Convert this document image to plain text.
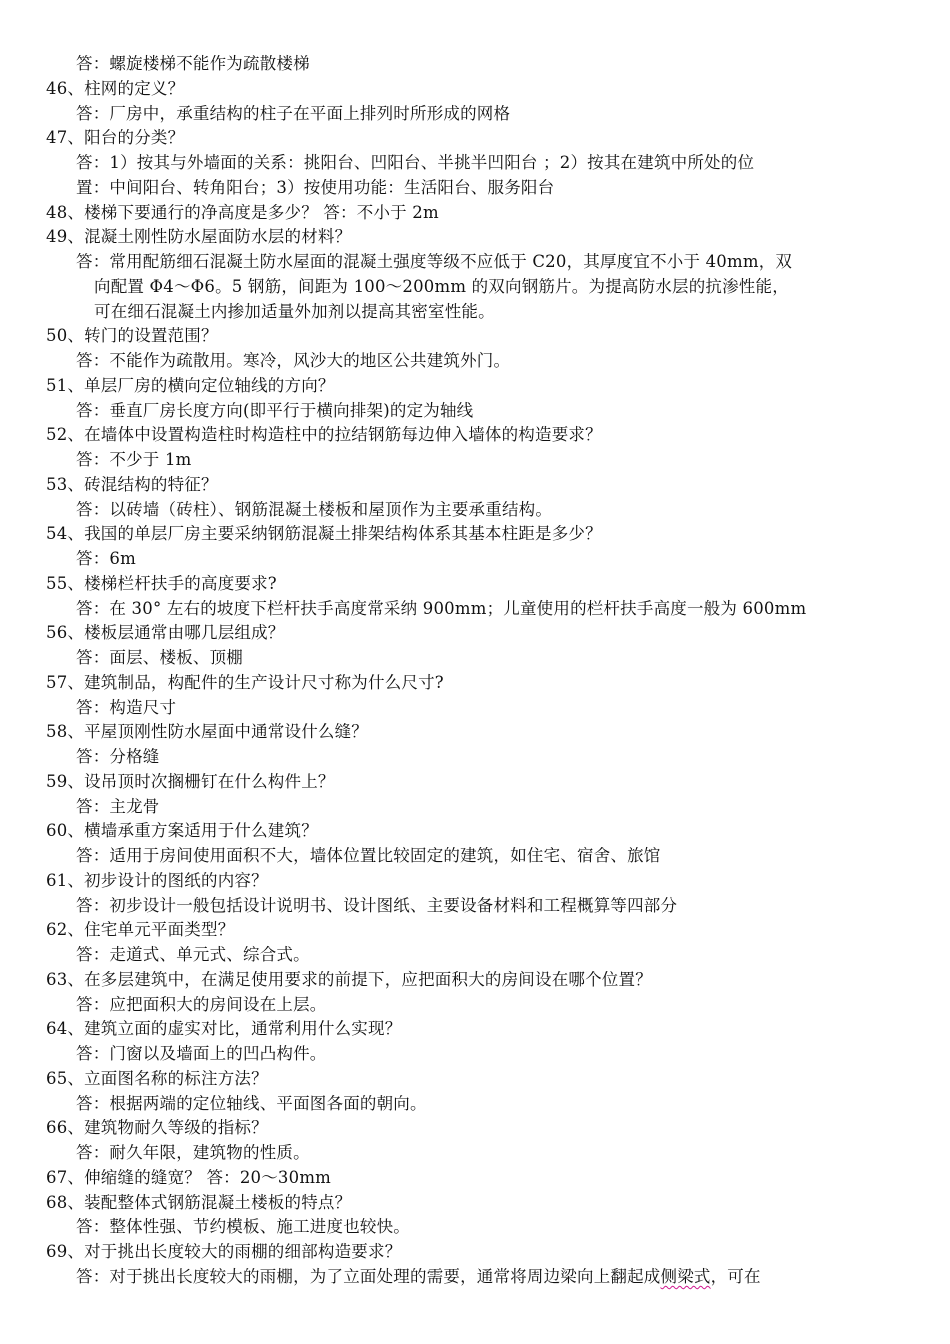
答：螺旋楼梯不能作为疏散楼梯
46、柱网的定义？
答：厂房中，承重结构的柱子在平面上排列时所形成的网格
47、阳台的分类？
答：1）按其与外墙面的关系：挑阳台、凹阳台、半挑半凹阳台 ；2）按其在建筑中所处的位
置：中间阳台、转角阳台；3）按使用功能：生活阳台、服务阳台
48、楼梯下要通行的净高度是多少？ 答：不小于 2m
49、混凝土刚性防水屋面防水层的材料？
答：常用配筋细石混凝土防水屋面的混凝土强度等级不应低于 C20，其厚度宜不小于 40mm，双
向配置 Φ4～Φ6。5 钢筋，间距为 100～200mm 的双向钢筋片。为提高防水层的抗渗性能，
可在细石混凝土内掺加适量外加剂以提高其密室性能。
50、转门的设置范围？
答：不能作为疏散用。寒冷，风沙大的地区公共建筑外门。
51、单层厂房的横向定位轴线的方向？
答：垂直厂房长度方向(即平行于横向排架)的定为轴线
52、在墙体中设置构造柱时构造柱中的拉结钢筋每边伸入墙体的构造要求？
答：不少于 1m
53、砖混结构的特征？
答：以砖墙（砖柱）、钢筋混凝土楼板和屋顶作为主要承重结构。
54、我国的单层厂房主要采纳钢筋混凝土排架结构体系其基本柱距是多少？
答：6m
55、楼梯栏杆扶手的高度要求?
答：在 30° 左右的坡度下栏杆扶手高度常采纳 900mm；儿童使用的栏杆扶手高度一般为 600mm
56、楼板层通常由哪几层组成？
答：面层、楼板、顶棚
57、建筑制品，构配件的生产设计尺寸称为什么尺寸?
答：构造尺寸
58、平屋顶刚性防水屋面中通常设什么缝？
答：分格缝
59、设吊顶时次搁栅钉在什么构件上？
答：主龙骨
60、横墙承重方案适用于什么建筑？
答：适用于房间使用面积不大，墙体位置比较固定的建筑，如住宅、宿舍、旅馆
61、初步设计的图纸的内容？
答：初步设计一般包括设计说明书、设计图纸、主要设备材料和工程概算等四部分
62、住宅单元平面类型？
答：走道式、单元式、综合式。
63、在多层建筑中，在满足使用要求的前提下，应把面积大的房间设在哪个位置？
答：应把面积大的房间设在上层。
64、建筑立面的虚实对比，通常利用什么实现？
答：门窗以及墙面上的凹凸构件。
65、立面图名称的标注方法？
答：根据两端的定位轴线、平面图各面的朝向。
66、建筑物耐久等级的指标？
答：耐久年限，建筑物的性质。
67、伸缩缝的缝宽？ 答：20～30mm
68、装配整体式钢筋混凝土楼板的特点？
答：整体性强、节约模板、施工进度也较快。
69、对于挑出长度较大的雨棚的细部构造要求？
答：对于挑出长度较大的雨棚，为了立面处理的需要，通常将周边梁向上翻起成侧梁式，可在
